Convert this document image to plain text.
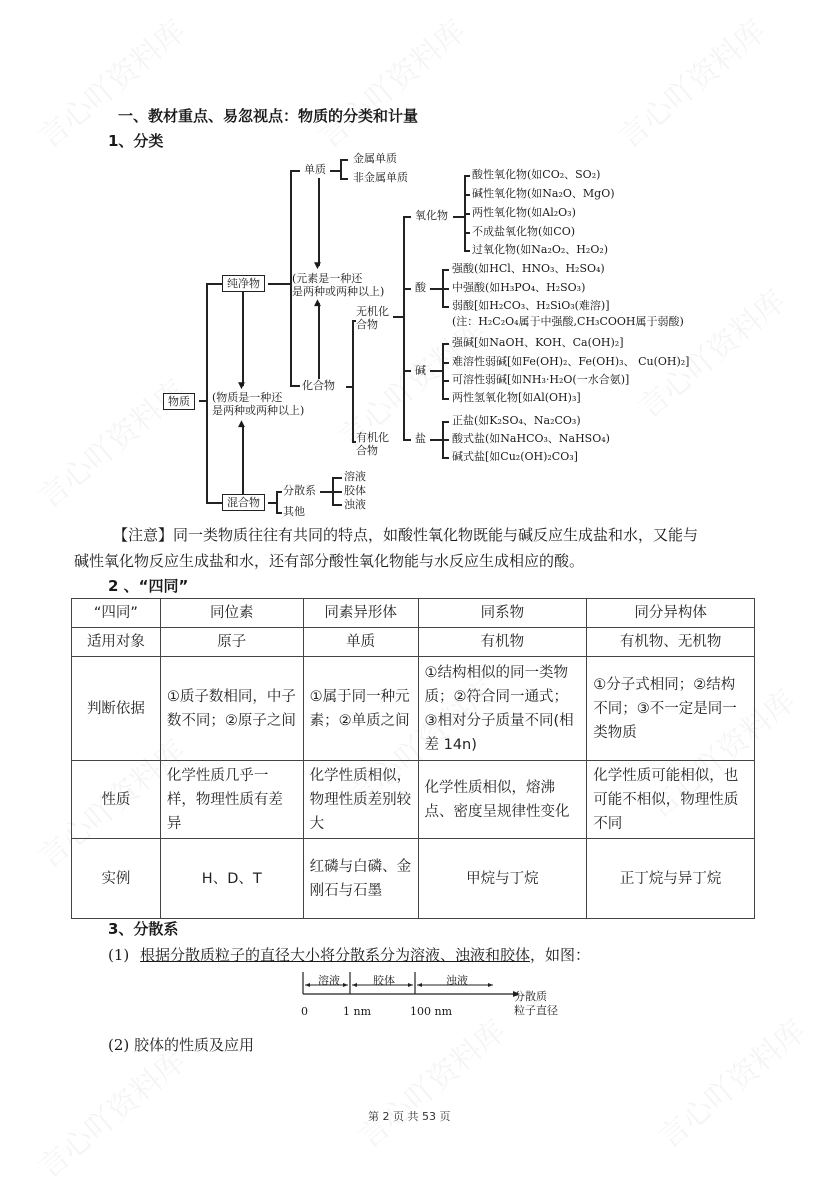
一、教材重点、易忽视点：物质的分类和计量
1、分类
物质
纯净物
▼
(物质是一种还
是两种或两种以上)
混合物
▲
分散系
其他
溶液
胶体
浊液
单质
金属单质
非金属单质
▼
(元素是一种还
是两种或两种以上)
▲
化合物
无机化
合物
有机化
合物
氧化物
酸性氧化物(如CO₂、SO₂)
碱性氧化物(如Na₂O、MgO)
两性氧化物(如Al₂O₃)
不成盐氧化物(如CO)
过氧化物(如Na₂O₂、H₂O₂)
酸
强酸(如HCl、HNO₃、H₂SO₄)
中强酸(如H₃PO₄、H₂SO₃)
弱酸[如H₂CO₃、H₂SiO₃(难溶)]
(注：H₂C₂O₄属于中强酸,CH₃COOH属于弱酸)
碱
强碱[如NaOH、KOH、Ca(OH)₂]
难溶性弱碱[如Fe(OH)₂、Fe(OH)₃、 Cu(OH)₂]
可溶性弱碱[如NH₃·H₂O(一水合氨)]
两性氢氧化物[如Al(OH)₃]
盐
正盐(如K₂SO₄、Na₂CO₃)
酸式盐(如NaHCO₃、NaHSO₄)
碱式盐[如Cu₂(OH)₂CO₃]
【注意】同一类物质往往有共同的特点，如酸性氧化物既能与碱反应生成盐和水，又能与
碱性氧化物反应生成盐和水，还有部分酸性氧化物能与水反应生成相应的酸。
2 、“四同”
“四同”	同位素	同素异形体	同系物	同分异构体
适用对象	原子	单质	有机物	有机物、无机物
判断依据	①质子数相同，中子数不同；②原子之间	①属于同一种元素；②单质之间	①结构相似的同一类物质；②符合同一通式；③相对分子质量不同(相差 14n)	①分子式相同；②结构不同；③不一定是同一类物质
性质	化学性质几乎一样，物理性质有差异	化学性质相似，物理性质差别较大	化学性质相似，熔沸点、密度呈规律性变化	化学性质可能相似，也可能不相似，物理性质不同
实例	H、D、T	红磷与白磷、金刚石与石墨	甲烷与丁烷	正丁烷与异丁烷
3、分散系
(1) 根据分散质粒子的直径大小将分散系分为溶液、浊液和胶体，如图：
溶液	胶体	浊液
0	1 nm	100 nm
分散质
粒子直径
(2) 胶体的性质及应用
第 2 页 共 53 页
